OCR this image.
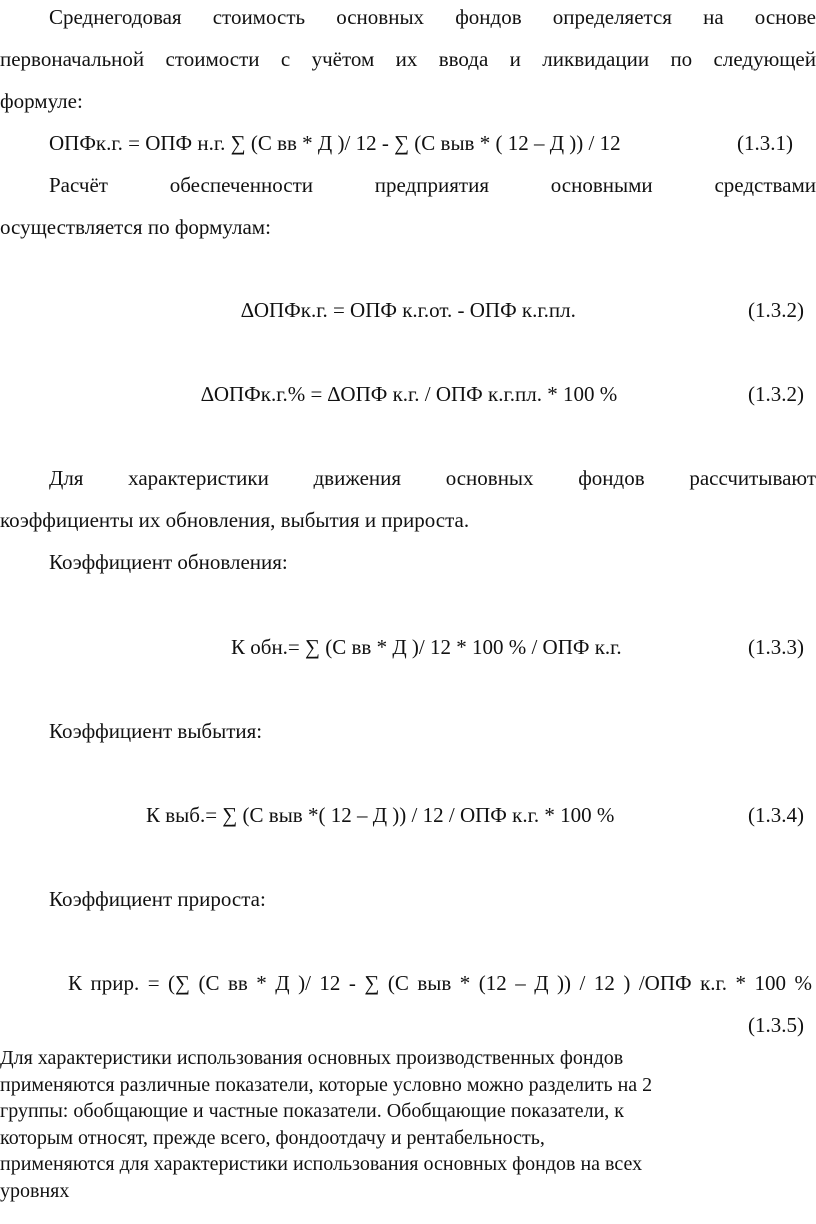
Среднегодовая стоимость основных фондов определяется на основе
первоначальной стоимости с учётом их ввода и ликвидации по следующей
формуле:
ОПФк.г. = ОПФ н.г. ∑ (С вв * Д )/ 12 - ∑ (С выв * ( 12 – Д )) / 12	(1.3.1)
Расчёт обеспеченности предприятия основными средствами
осуществляется по формулам:
∆ОПФк.г. = ОПФ к.г.от. - ОПФ к.г.пл.	(1.3.2)
∆ОПФк.г.% = ∆ОПФ к.г. / ОПФ к.г.пл. * 100 %	(1.3.2)
Для характеристики движения основных фондов рассчитывают
коэффициенты их обновления, выбытия и прироста.
Коэффициент обновления:
К обн.= ∑ (С вв * Д )/ 12 * 100 % / ОПФ к.г.	(1.3.3)
Коэффициент выбытия:
К выб.= ∑ (С выв *( 12 – Д )) / 12 / ОПФ к.г. * 100 %	(1.3.4)
Коэффициент прироста:
К прир. = (∑ (С вв * Д )/ 12 - ∑ (С выв * (12 – Д )) / 12 ) /ОПФ к.г. * 100 %
(1.3.5)
Для характеристики использования основных производственных фондов
применяются различные показатели, которые условно можно разделить на 2
группы: обобщающие и частные показатели. Обобщающие показатели, к
которым относят, прежде всего, фондоотдачу и рентабельность,
применяются для характеристики использования основных фондов на всех
уровнях
